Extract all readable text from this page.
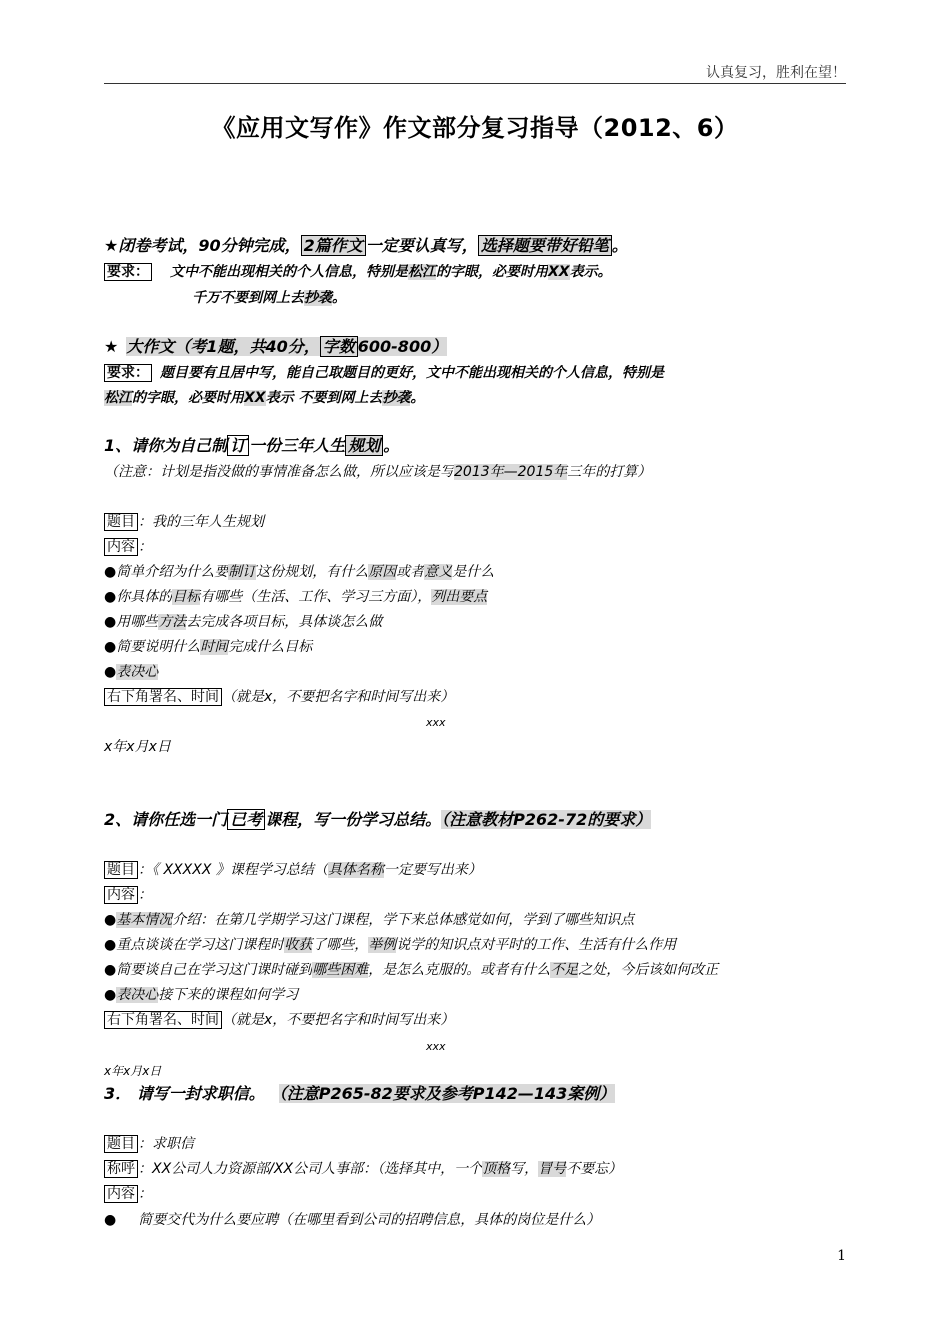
认真复习，胜利在望！
《应用文写作》作文部分复习指导（2012、6）
★闭卷考试，90分钟完成， 2篇作文 一定要认真写， 选择题要带好铅笔 。
要求： 文中不能出现相关的个人信息，特别是松江的字眼，必要时用XX表示。
千万不要到网上去抄袭。
★ 大作文（考1题，共40分， 字数 600-800）
要求： 题目要有且居中写，能自己取题目的更好，文中不能出现相关的个人信息，特别是
松江的字眼，必要时用XX表示 不要到网上去抄袭。
1、请你为自己制 订 一份三年人生 规划 。
（注意：计划是指没做的事情准备怎么做，所以应该是写2013年—2015年三年的打算）
题目 ：我的三年人生规划
内容 ：
●简单介绍为什么要制订这份规划，有什么原因或者意义是什么
●你具体的目标有哪些（生活、工作、学习三方面），列出要点
●用哪些方法去完成各项目标，具体谈怎么做
●简要说明什么时间完成什么目标
●表决心
右下角署名、时间 （就是x，不要把名字和时间写出来）
xxx
x年x月x日
2、请你任选一门 已考 课程，写一份学习总结。（注意教材P262-72的要求）
题目 ：《 XXXXX 》课程学习总结（具体名称一定要写出来）
内容 ：
●基本情况介绍：在第几学期学习这门课程，学下来总体感觉如何，学到了哪些知识点
●重点谈谈在学习这门课程时收获了哪些，举例说学的知识点对平时的工作、生活有什么作用
●简要谈自己在学习这门课时碰到哪些困难，是怎么克服的。或者有什么不足之处，今后该如何改正
●表决心接下来的课程如何学习
右下角署名、时间 （就是x，不要把名字和时间写出来）
xxx
x年x月x日
3． 请写一封求职信。 （注意P265-82要求及参考P142—143案例）
题目 ：求职信
称呼 ：XX公司人力资源部/XX公司人事部：（选择其中，一个顶格写，冒号不要忘）
内容 ：
● 简要交代为什么要应聘（在哪里看到公司的招聘信息，具体的岗位是什么）
1
